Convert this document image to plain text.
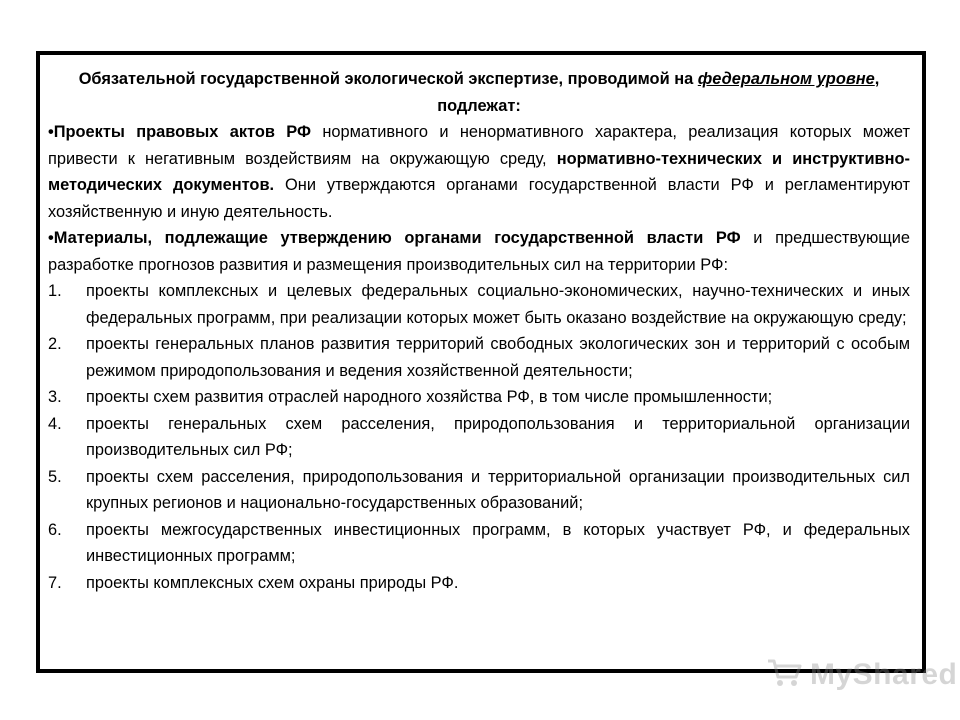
Обязательной государственной экологической экспертизе, проводимой на федеральном уровне, подлежат:

•Проекты правовых актов РФ нормативного и ненормативного характера, реализация которых может привести к негативным воздействиям на окружающую среду, нормативно-технических и инструктивно-методических документов. Они утверждаются органами государственной власти РФ и регламентируют хозяйственную и иную деятельность.

•Материалы, подлежащие утверждению органами государственной власти РФ и предшествующие разработке прогнозов развития и размещения производительных сил на территории РФ:

1. проекты комплексных и целевых федеральных социально-экономических, научно-технических и иных федеральных программ, при реализации которых может быть оказано воздействие на окружающую среду;
2. проекты генеральных планов развития территорий свободных экологических зон и территорий с особым режимом природопользования и ведения хозяйственной деятельности;
3. проекты схем развития отраслей народного хозяйства РФ, в том числе промышленности;
4. проекты генеральных схем расселения, природопользования и территориальной организации производительных сил РФ;
5. проекты схем расселения, природопользования и территориальной организации производительных сил крупных регионов и национально-государственных образований;
6. проекты межгосударственных инвестиционных программ, в которых участвует РФ, и федеральных инвестиционных программ;
7. проекты комплексных схем охраны природы РФ.
MyShared
